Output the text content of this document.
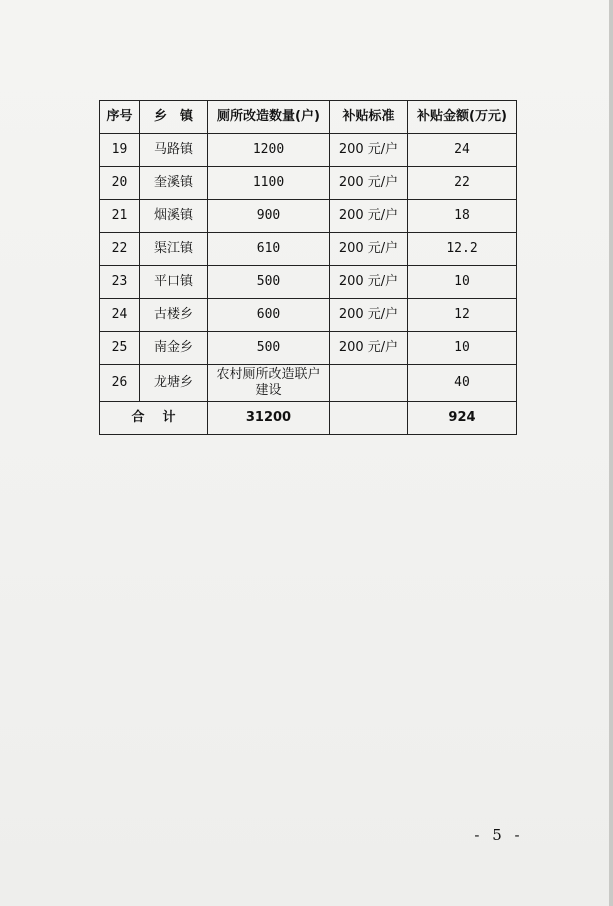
序号	乡　镇	厕所改造数量(户)	补贴标准	补贴金额(万元)
19	马路镇	1200	200 元/户	24
20	奎溪镇	1100	200 元/户	22
21	烟溪镇	900	200 元/户	18
22	渠江镇	610	200 元/户	12.2
23	平口镇	500	200 元/户	10
24	古楼乡	600	200 元/户	12
25	南金乡	500	200 元/户	10
26	龙塘乡	农村厕所改造联户建设		40
合计		31200		924
- 5 -
